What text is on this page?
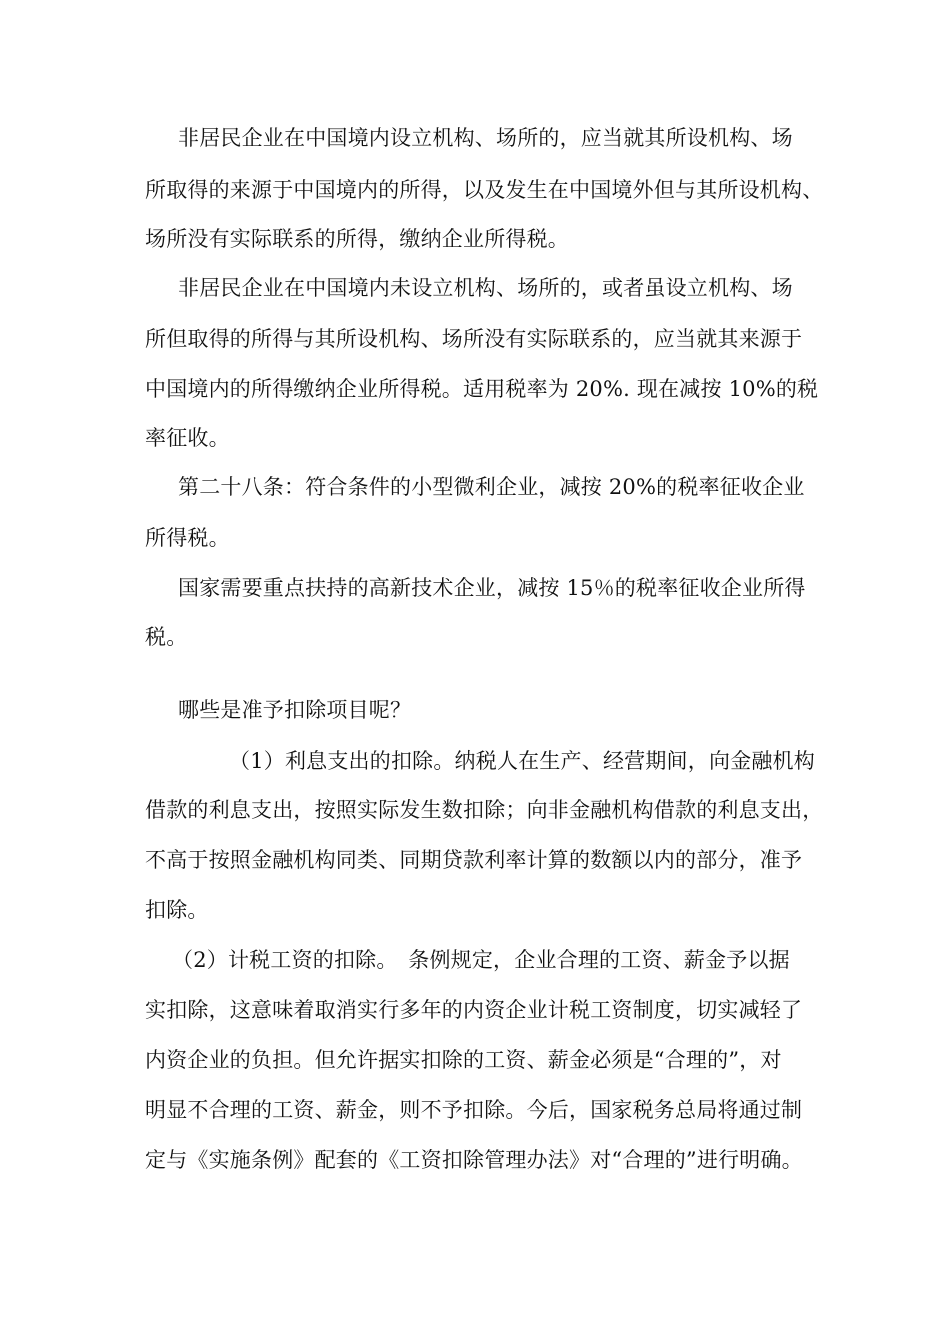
非居民企业在中国境内设立机构、场所的，应当就其所设机构、场
所取得的来源于中国境内的所得，以及发生在中国境外但与其所设机构、
场所没有实际联系的所得，缴纳企业所得税。
非居民企业在中国境内未设立机构、场所的，或者虽设立机构、场
所但取得的所得与其所设机构、场所没有实际联系的，应当就其来源于
中国境内的所得缴纳企业所得税。适用税率为 20%. 现在减按 10%的税
率征收。
第二十八条：符合条件的小型微利企业，减按 20%的税率征收企业
所得税。
国家需要重点扶持的高新技术企业，减按 15％的税率征收企业所得
税。
哪些是准予扣除项目呢？
（1）利息支出的扣除。纳税人在生产、经营期间，向金融机构
借款的利息支出，按照实际发生数扣除；向非金融机构借款的利息支出，
不高于按照金融机构同类、同期贷款利率计算的数额以内的部分，准予
扣除。
（2）计税工资的扣除。　条例规定，企业合理的工资、薪金予以据
实扣除，这意味着取消实行多年的内资企业计税工资制度，切实减轻了
内资企业的负担。但允许据实扣除的工资、薪金必须是“合理的”，对
明显不合理的工资、薪金，则不予扣除。今后，国家税务总局将通过制
定与《实施条例》配套的《工资扣除管理办法》对“合理的”进行明确。
